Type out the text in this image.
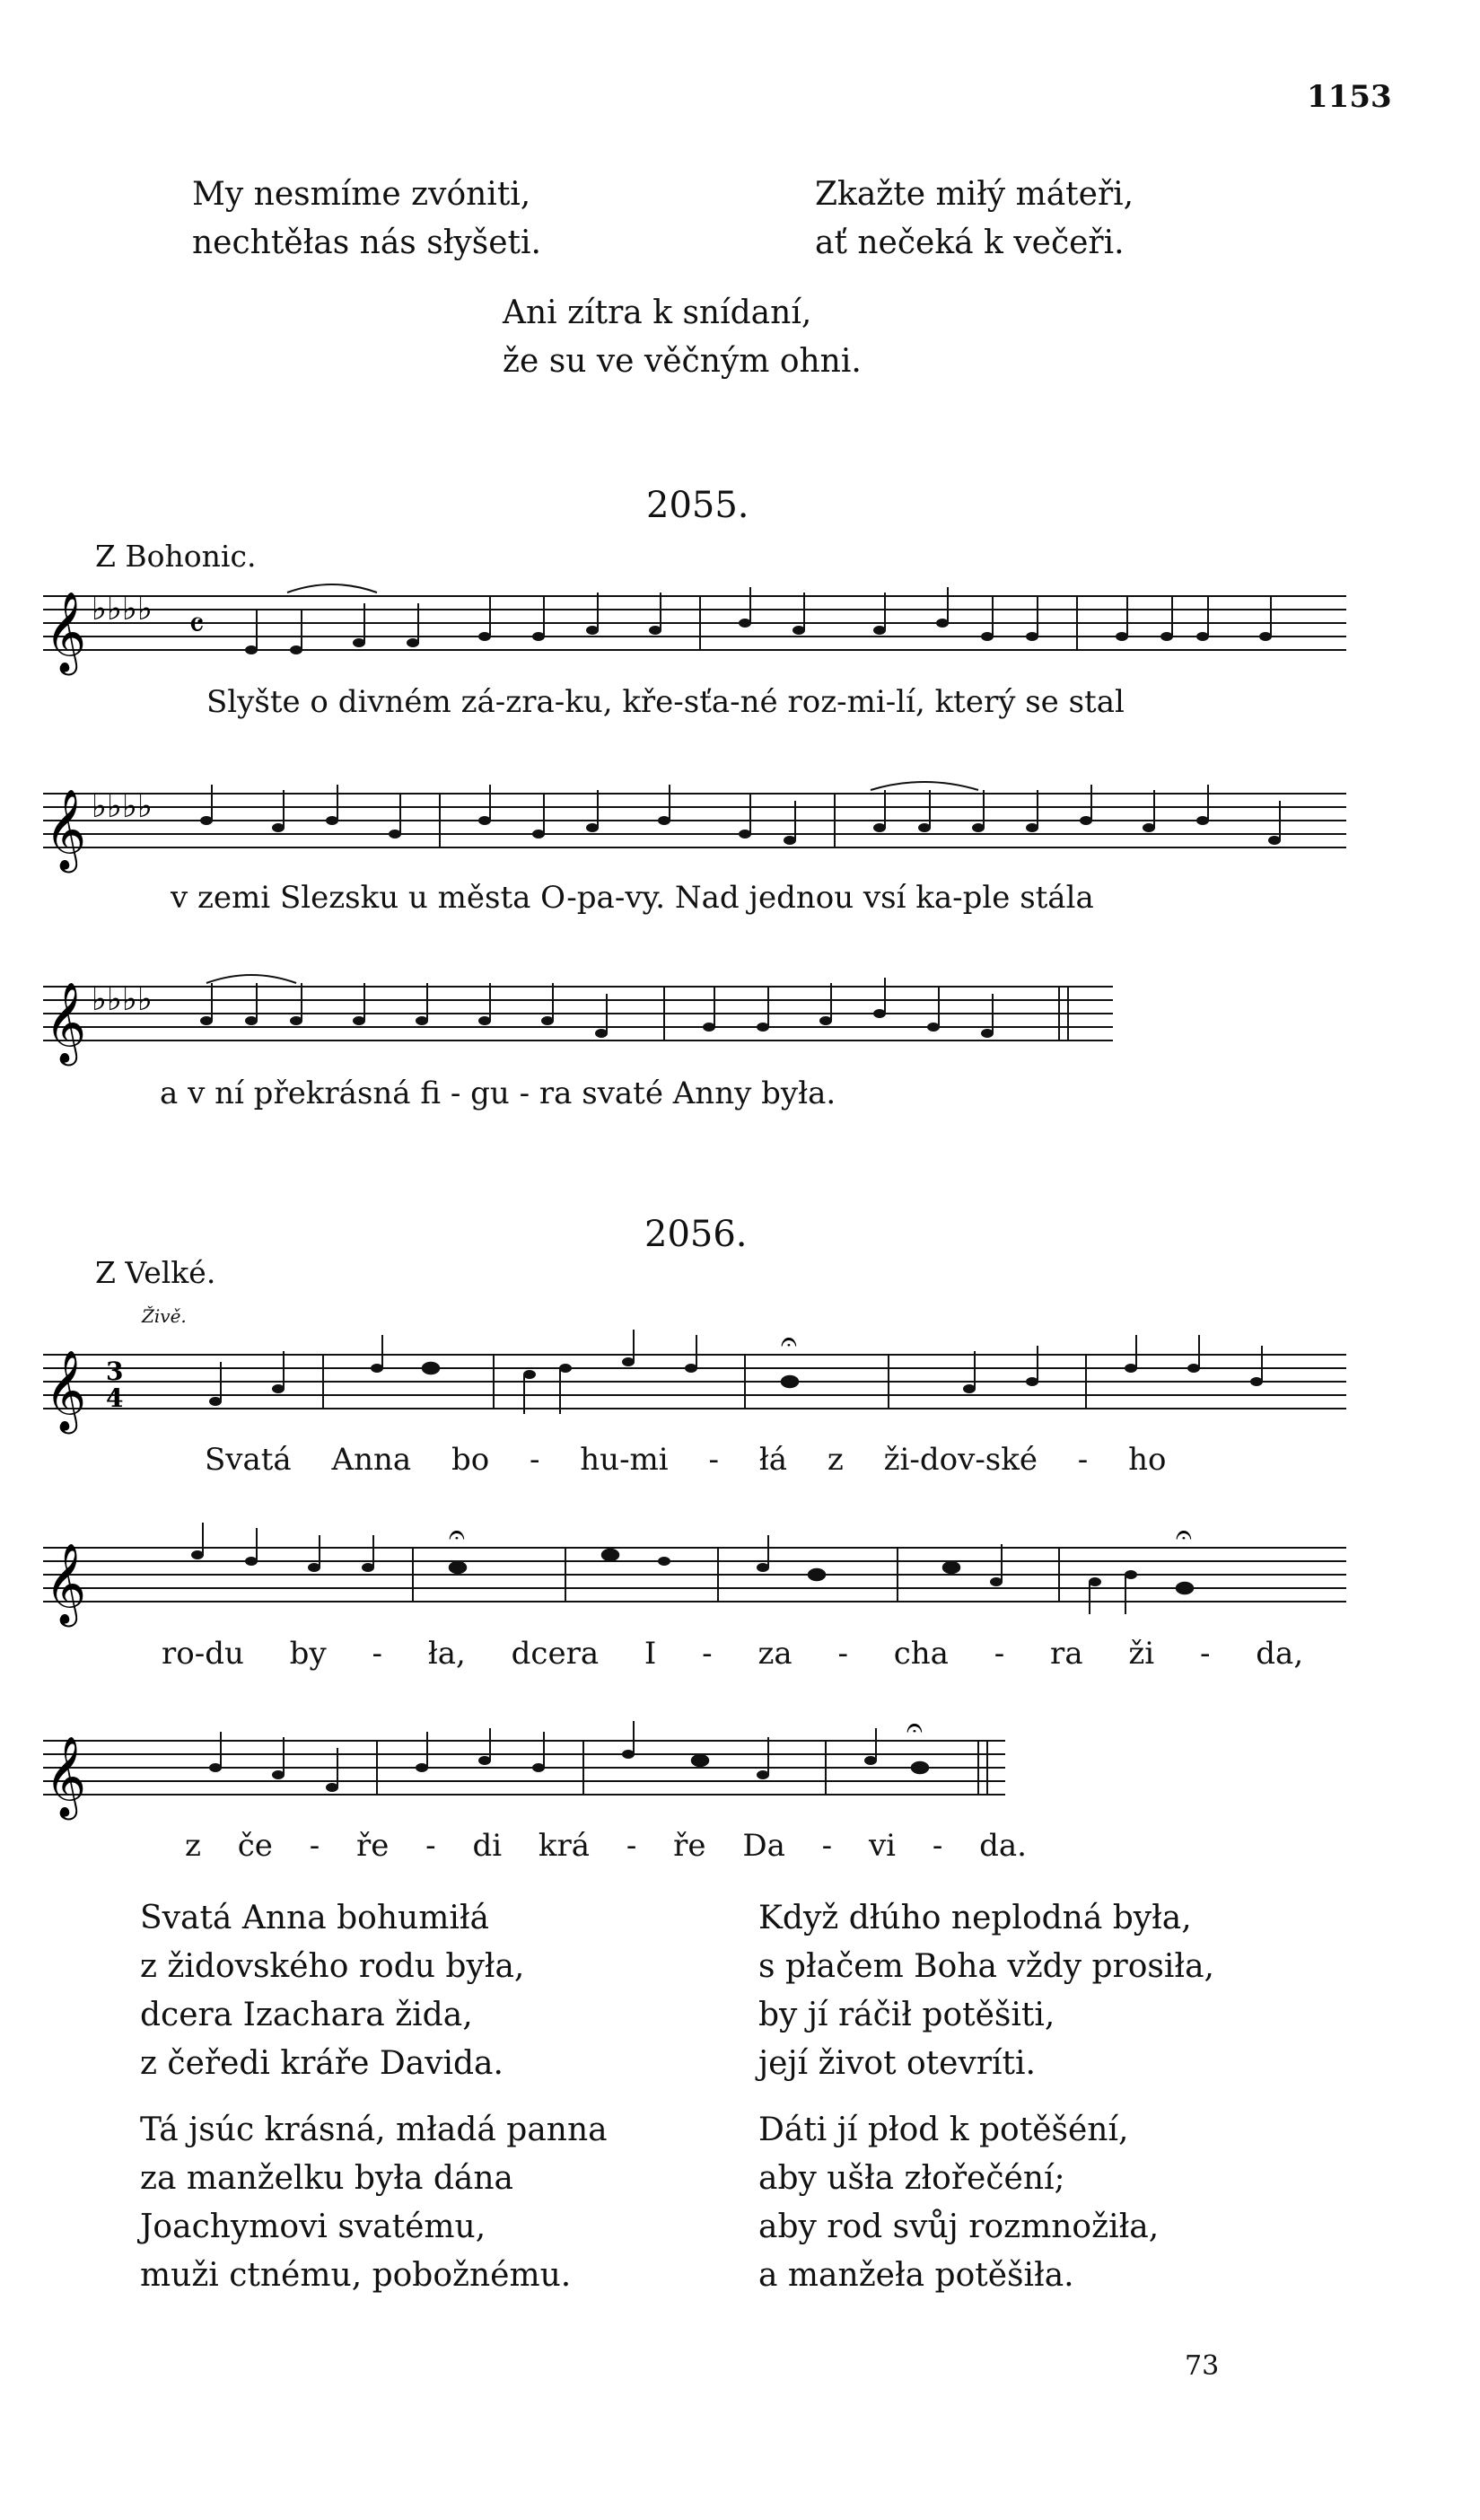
1153
My nesmíme zvóniti,
nechtěłas nás słyšeti.
Zkažte miłý máteři,
ať nečeká k večeři.
Ani zítra k snídaní,
že su ve věčným ohni.
2055.
Z Bohonic.
𝄞 ♭♭♭♭ 𝄴
Slyšte o divném zá-zra-ku, kře-sťa-né roz-mi-lí, který se stal
𝄞 ♭♭♭♭
v zemi Slezsku u města O-pa-vy. Nad jednou vsí ka-ple stála
𝄞 ♭♭♭♭
a v ní překrásná fi - gu - ra svaté Anny była.
2056.
Z Velké.
Živě.
𝄞 3
4
𝄐
Svatá Anna bo - hu-mi - łá z ži-dov-ské - ho
𝄞
𝄐	𝄐
ro-du by - ła, dcera I - za - cha - ra ži - da,
𝄞
𝄐
z če - ře - di krá - ře Da - vi - da.
Svatá Anna bohumiłá
z židovského rodu była,
dcera Izachara žida,
z čeředi kráře Davida.
Tá jsúc krásná, mładá panna
za manželku była dána
Joachymovi svatému,
muži ctnému, pobožnému.
Když dłúho neplodná była,
s płačem Boha vždy prosiła,
by jí ráčił potěšiti,
její život otevríti.
Dáti jí płod k potěšéní,
aby ušła złořečéní;
aby rod svůj rozmnožiła,
a manžeła potěšiła.
73
